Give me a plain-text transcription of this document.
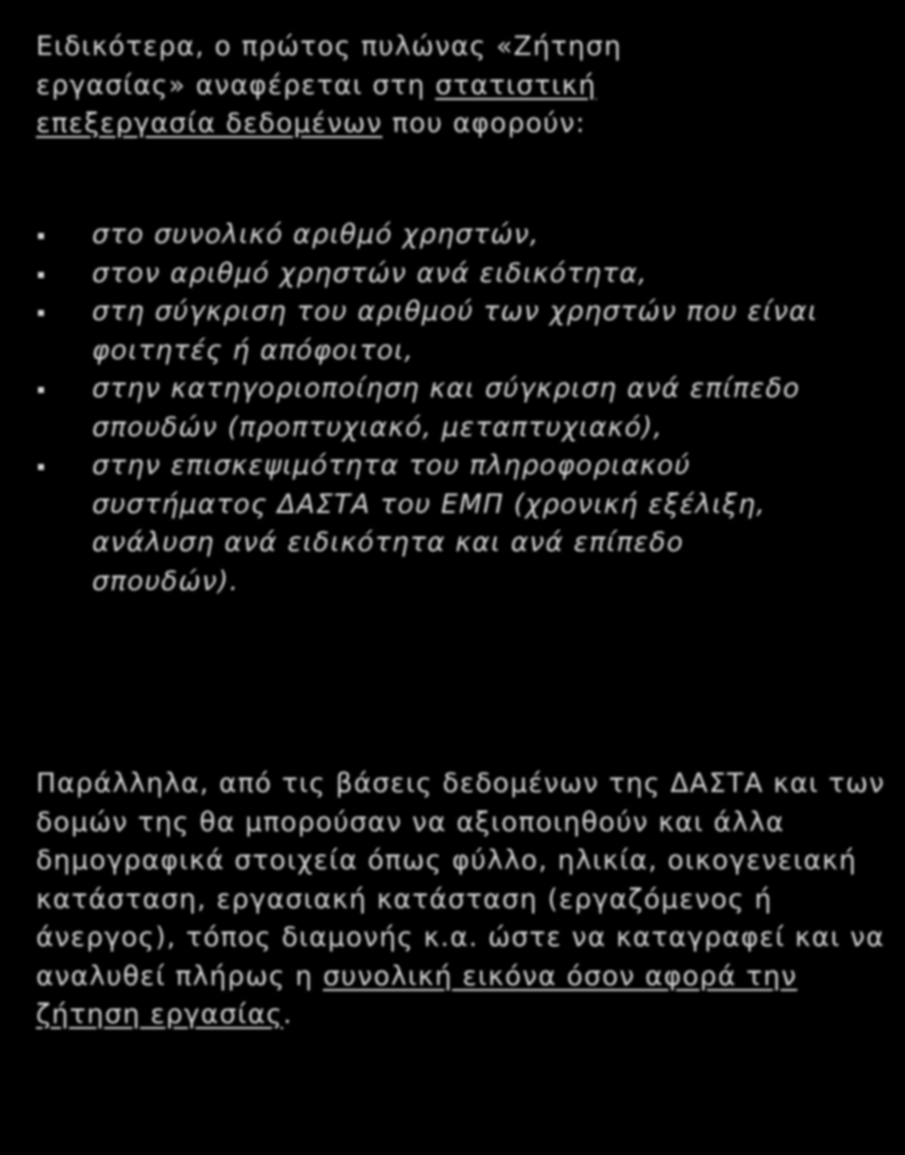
Ειδικότερα, ο πρώτος πυλώνας «Ζήτηση εργασίας» αναφέρεται στη στατιστική επεξεργασία δεδομένων που αφορούν:

στο συνολικό αριθμό χρηστών,
στον αριθμό χρηστών ανά ειδικότητα,
στη σύγκριση του αριθμού των χρηστών που είναι φοιτητές ή απόφοιτοι,
στην κατηγοριοποίηση και σύγκριση ανά επίπεδο σπουδών (προπτυχιακό, μεταπτυχιακό),
στην επισκεψιμότητα του πληροφοριακού συστήματος ΔΑΣΤΑ του ΕΜΠ (χρονική εξέλιξη, ανάλυση ανά ειδικότητα και ανά επίπεδο σπουδών).

Παράλληλα, από τις βάσεις δεδομένων της ΔΑΣΤΑ και των δομών της θα μπορούσαν να αξιοποιηθούν και άλλα δημογραφικά στοιχεία όπως φύλλο, ηλικία, οικογενειακή κατάσταση, εργασιακή κατάσταση (εργαζόμενος ή άνεργος), τόπος διαμονής κ.α. ώστε να καταγραφεί και να αναλυθεί πλήρως η συνολική εικόνα όσον αφορά την ζήτηση εργασίας.
